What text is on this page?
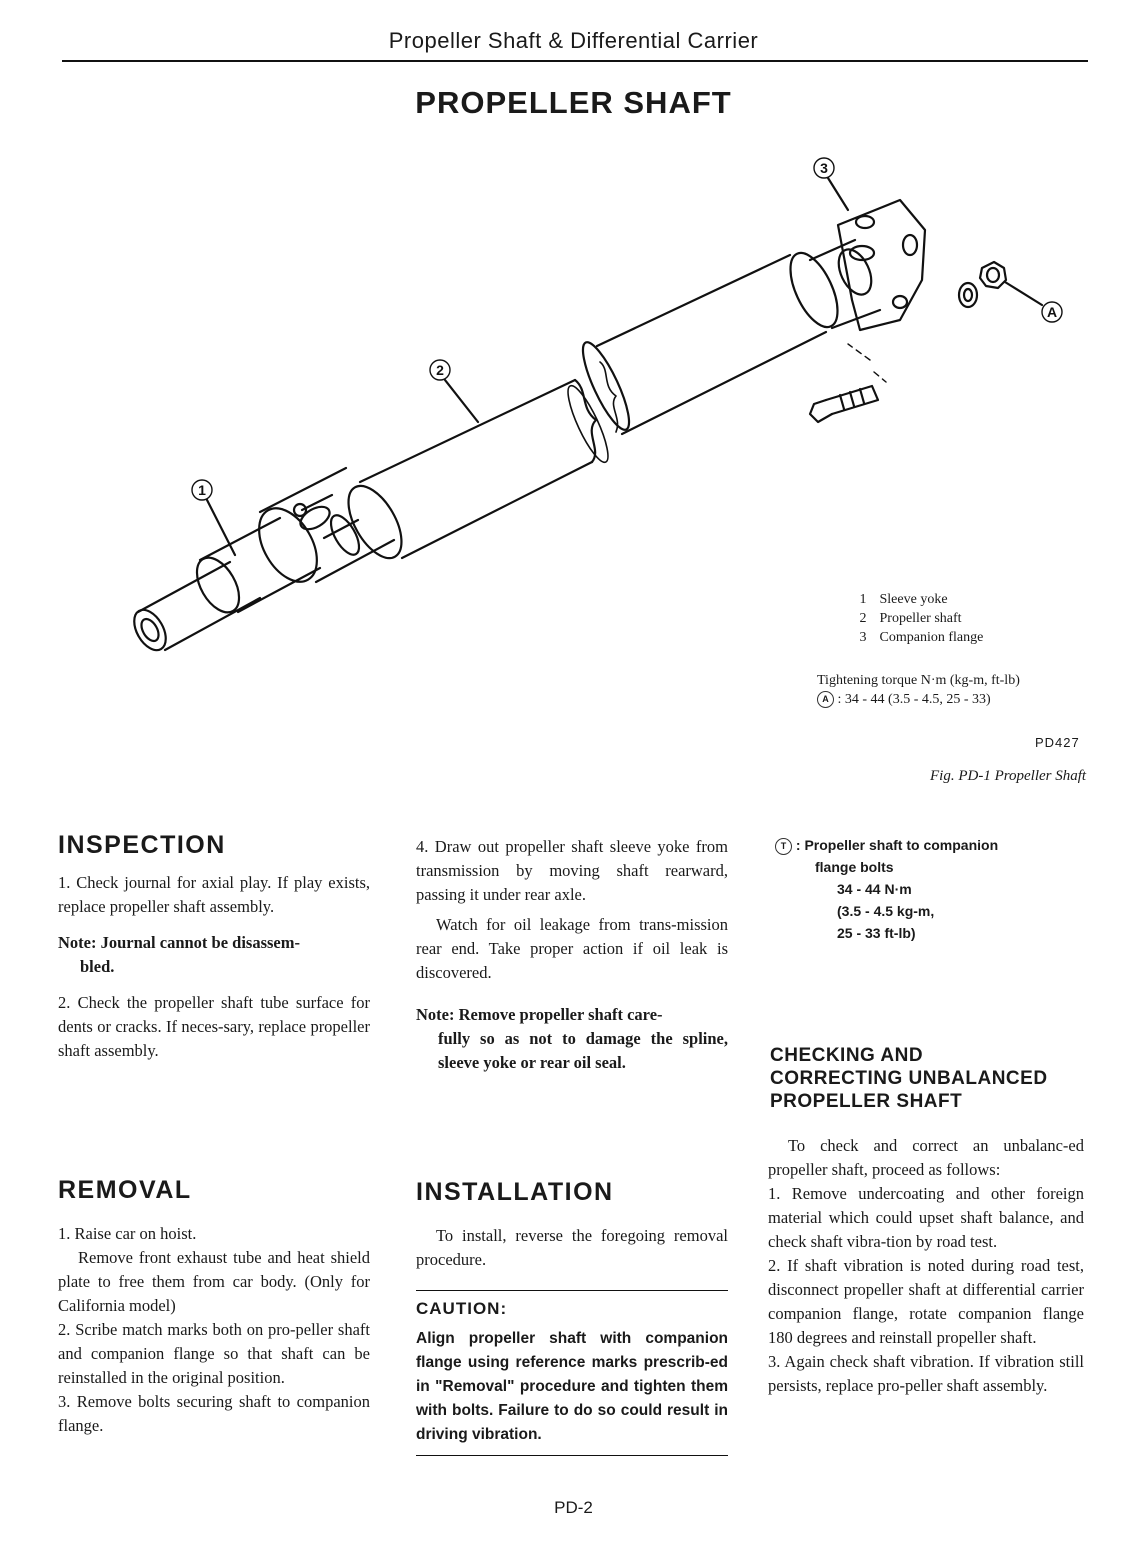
Propeller Shaft & Differential Carrier
PROPELLER SHAFT
1
2
3
A
1 Sleeve yoke
2 Propeller shaft
3 Companion flange
Tightening torque N·m (kg-m, ft-lb)
A : 34 - 44 (3.5 - 4.5, 25 - 33)
PD427
Fig. PD-1 Propeller Shaft
INSPECTION

1. Check journal for axial play. If play exists, replace propeller shaft assembly.

Note: Journal cannot be disassem-
bled.

2. Check the propeller shaft tube surface for dents or cracks. If neces-sary, replace propeller shaft assembly.

REMOVAL

1. Raise car on hoist.

Remove front exhaust tube and heat shield plate to free them from car body. (Only for California model)

2. Scribe match marks both on pro-peller shaft and companion flange so that shaft can be reinstalled in the original position.

3. Remove bolts securing shaft to companion flange.

4. Draw out propeller shaft sleeve yoke from transmission by moving shaft rearward, passing it under rear axle.

Watch for oil leakage from trans-mission rear end. Take proper action if oil leak is discovered.

Note: Remove propeller shaft care-
fully so as not to damage the spline, sleeve yoke or rear oil seal.

INSTALLATION

To install, reverse the foregoing removal procedure.

CAUTION:
Align propeller shaft with companion flange using reference marks prescrib-ed in "Removal" procedure and tighten them with bolts. Failure to do so could result in driving vibration.
T : Propeller shaft to companion
flange bolts
34 - 44 N·m
(3.5 - 4.5 kg-m,
25 - 33 ft-lb)
CHECKING AND
CORRECTING UNBALANCED
PROPELLER SHAFT

To check and correct an unbalanc-ed propeller shaft, proceed as follows:

1. Remove undercoating and other foreign material which could upset shaft balance, and check shaft vibra-tion by road test.

2. If shaft vibration is noted during road test, disconnect propeller shaft at differential carrier companion flange, rotate companion flange 180 degrees and reinstall propeller shaft.

3. Again check shaft vibration. If vibration still persists, replace pro-peller shaft assembly.

PD-2
